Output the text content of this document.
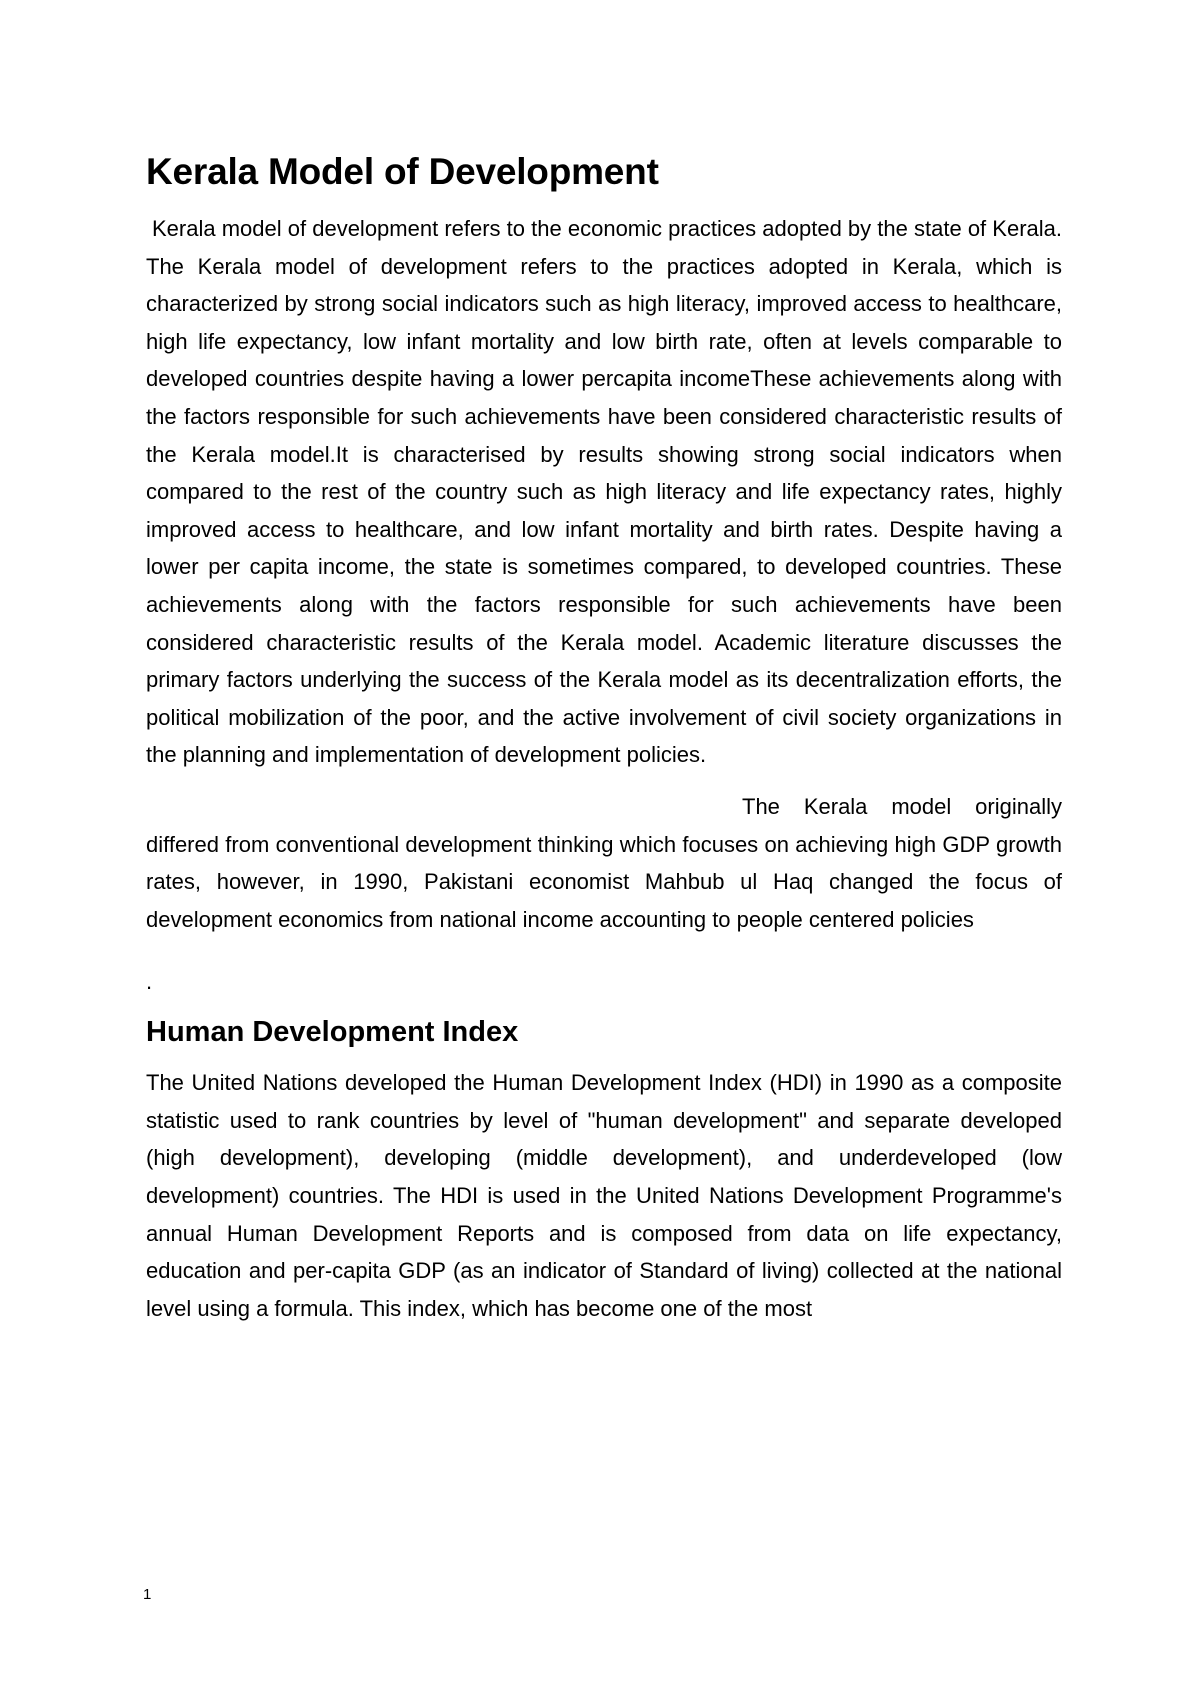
Kerala Model of Development

Kerala model of development refers to the economic practices adopted by the state of Kerala. The Kerala model of development refers to the practices adopted in Kerala, which is characterized by strong social indicators such as high literacy, improved access to healthcare, high life expectancy, low infant mortality and low birth rate, often at levels comparable to developed countries despite having a lower percapita incomeThese achievements along with the factors responsible for such achievements have been considered characteristic results of the Kerala model.It is characterised by results showing strong social indicators when compared to the rest of the country such as high literacy and life expectancy rates, highly improved access to healthcare, and low infant mortality and birth rates. Despite having a lower per capita income, the state is sometimes compared, to developed countries. These achievements along with the factors responsible for such achievements have been considered characteristic results of the Kerala model. Academic literature discusses the primary factors underlying the success of the Kerala model as its decentralization efforts, the political mobilization of the poor, and the active involvement of civil society organizations in the planning and implementation of development policies.

The Kerala model originally differed from conventional development thinking which focuses on achieving high GDP growth rates, however, in 1990, Pakistani economist Mahbub ul Haq changed the focus of development economics from national income accounting to people centered policies

.
Human Development Index

The United Nations developed the Human Development Index (HDI) in 1990 as a composite statistic used to rank countries by level of "human development" and separate developed (high development), developing (middle development), and underdeveloped (low development) countries. The HDI is used in the United Nations Development Programme's annual Human Development Reports and is composed from data on life expectancy, education and per-capita GDP (as an indicator of Standard of living) collected at the national level using a formula. This index, which has become one of the most

1
